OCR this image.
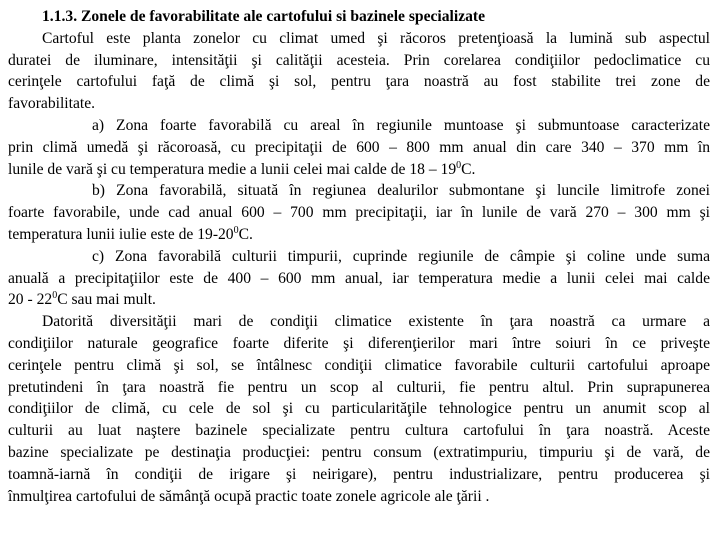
1.1.3. Zonele de favorabilitate ale cartofului si bazinele specializate
Cartoful este planta zonelor cu climat umed şi răcoros pretenţioasă la lumină sub aspectul
duratei de iluminare, intensităţii şi calităţii acesteia. Prin corelarea condiţiilor pedoclimatice cu
cerinţele cartofului faţă de climă şi sol, pentru ţara noastră au fost stabilite trei zone de
favorabilitate.
a) Zona foarte favorabilă cu areal în regiunile muntoase şi submuntoase caracterizate
prin climă umedă şi răcoroasă, cu precipitaţii de 600 – 800 mm anual din care 340 – 370 mm în
lunile de vară şi cu temperatura medie a lunii celei mai calde de $18 - 19^0C$.
b) Zona favorabilă, situată în regiunea dealurilor submontane şi luncile limitrofe zonei
foarte favorabile, unde cad anual 600 – 700 mm precipitaţii, iar în lunile de vară 270 – 300 mm şi
temperatura lunii iulie este de $19-20^0C$.
c) Zona favorabilă culturii timpurii, cuprinde regiunile de câmpie şi coline unde suma
anuală a precipitaţiilor este de 400 – 600 mm anual, iar temperatura medie a lunii celei mai calde
$20 - 22^0C$ sau mai mult.
Datorită diversităţii mari de condiţii climatice existente în ţara noastră ca urmare a
condiţiilor naturale geografice foarte diferite şi diferenţierilor mari între soiuri în ce priveşte
cerinţele pentru climă şi sol, se întâlnesc condiţii climatice favorabile culturii cartofului aproape
pretutindeni în ţara noastră fie pentru un scop al culturii, fie pentru altul. Prin suprapunerea
condiţiilor de climă, cu cele de sol şi cu particularităţile tehnologice pentru un anumit scop al
culturii au luat naştere bazinele specializate pentru cultura cartofului în ţara noastră. Aceste
bazine specializate pe destinaţia producţiei: pentru consum (extratimpuriu, timpuriu şi de vară, de
toamnă-iarnă în condiţii de irigare şi neirigare), pentru industrializare, pentru producerea şi
înmulţirea cartofului de sămânţă ocupă practic toate zonele agricole ale ţării .
